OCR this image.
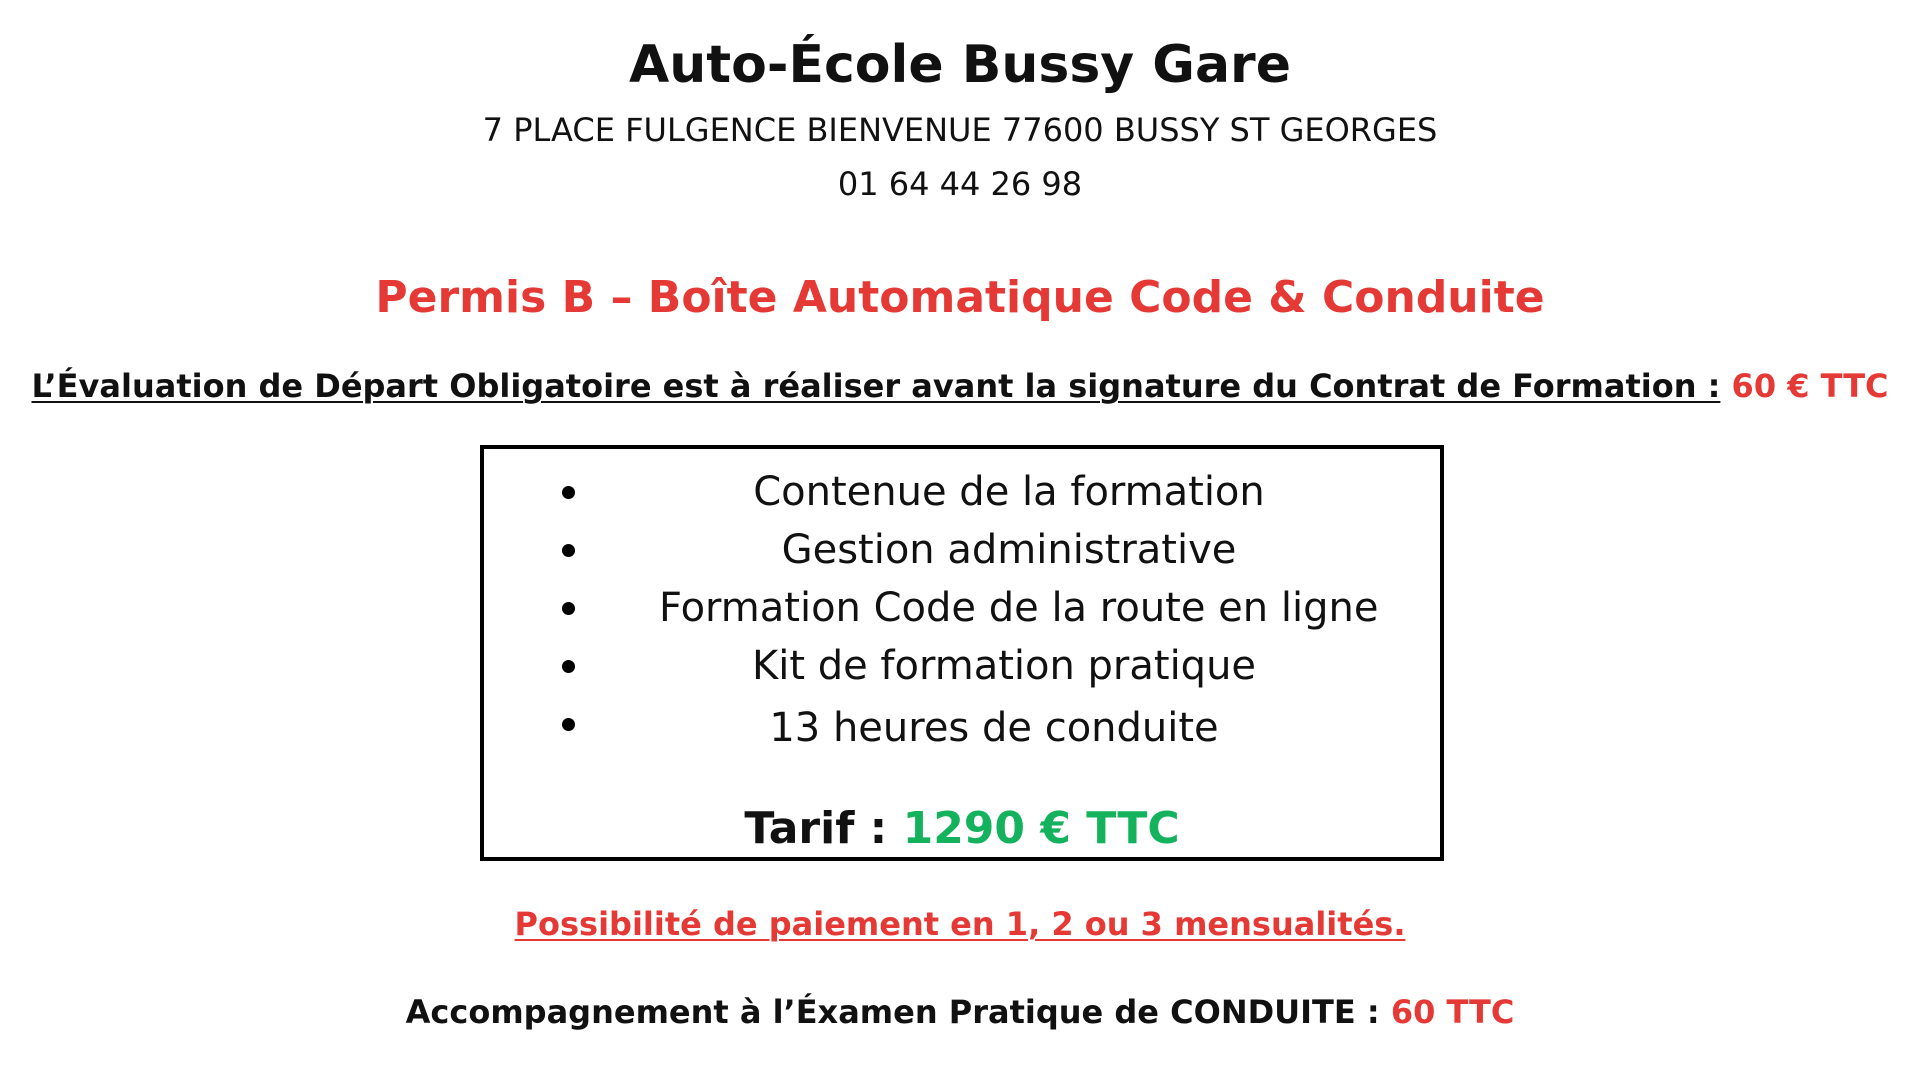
Auto-École Bussy Gare
7 PLACE FULGENCE BIENVENUE 77600 BUSSY ST GEORGES
01 64 44 26 98
Permis B – Boîte Automatique Code & Conduite
L’Évaluation de Départ Obligatoire est à réaliser avant la signature du Contrat de Formation : 60 € TTC
Contenue de la formation
Gestion administrative
Formation Code de la route en ligne
Kit de formation pratique
13 heures de conduite
Tarif : 1290 € TTC
Possibilité de paiement en 1, 2 ou 3 mensualités.
Accompagnement à l’Éxamen Pratique de CONDUITE : 60 TTC
